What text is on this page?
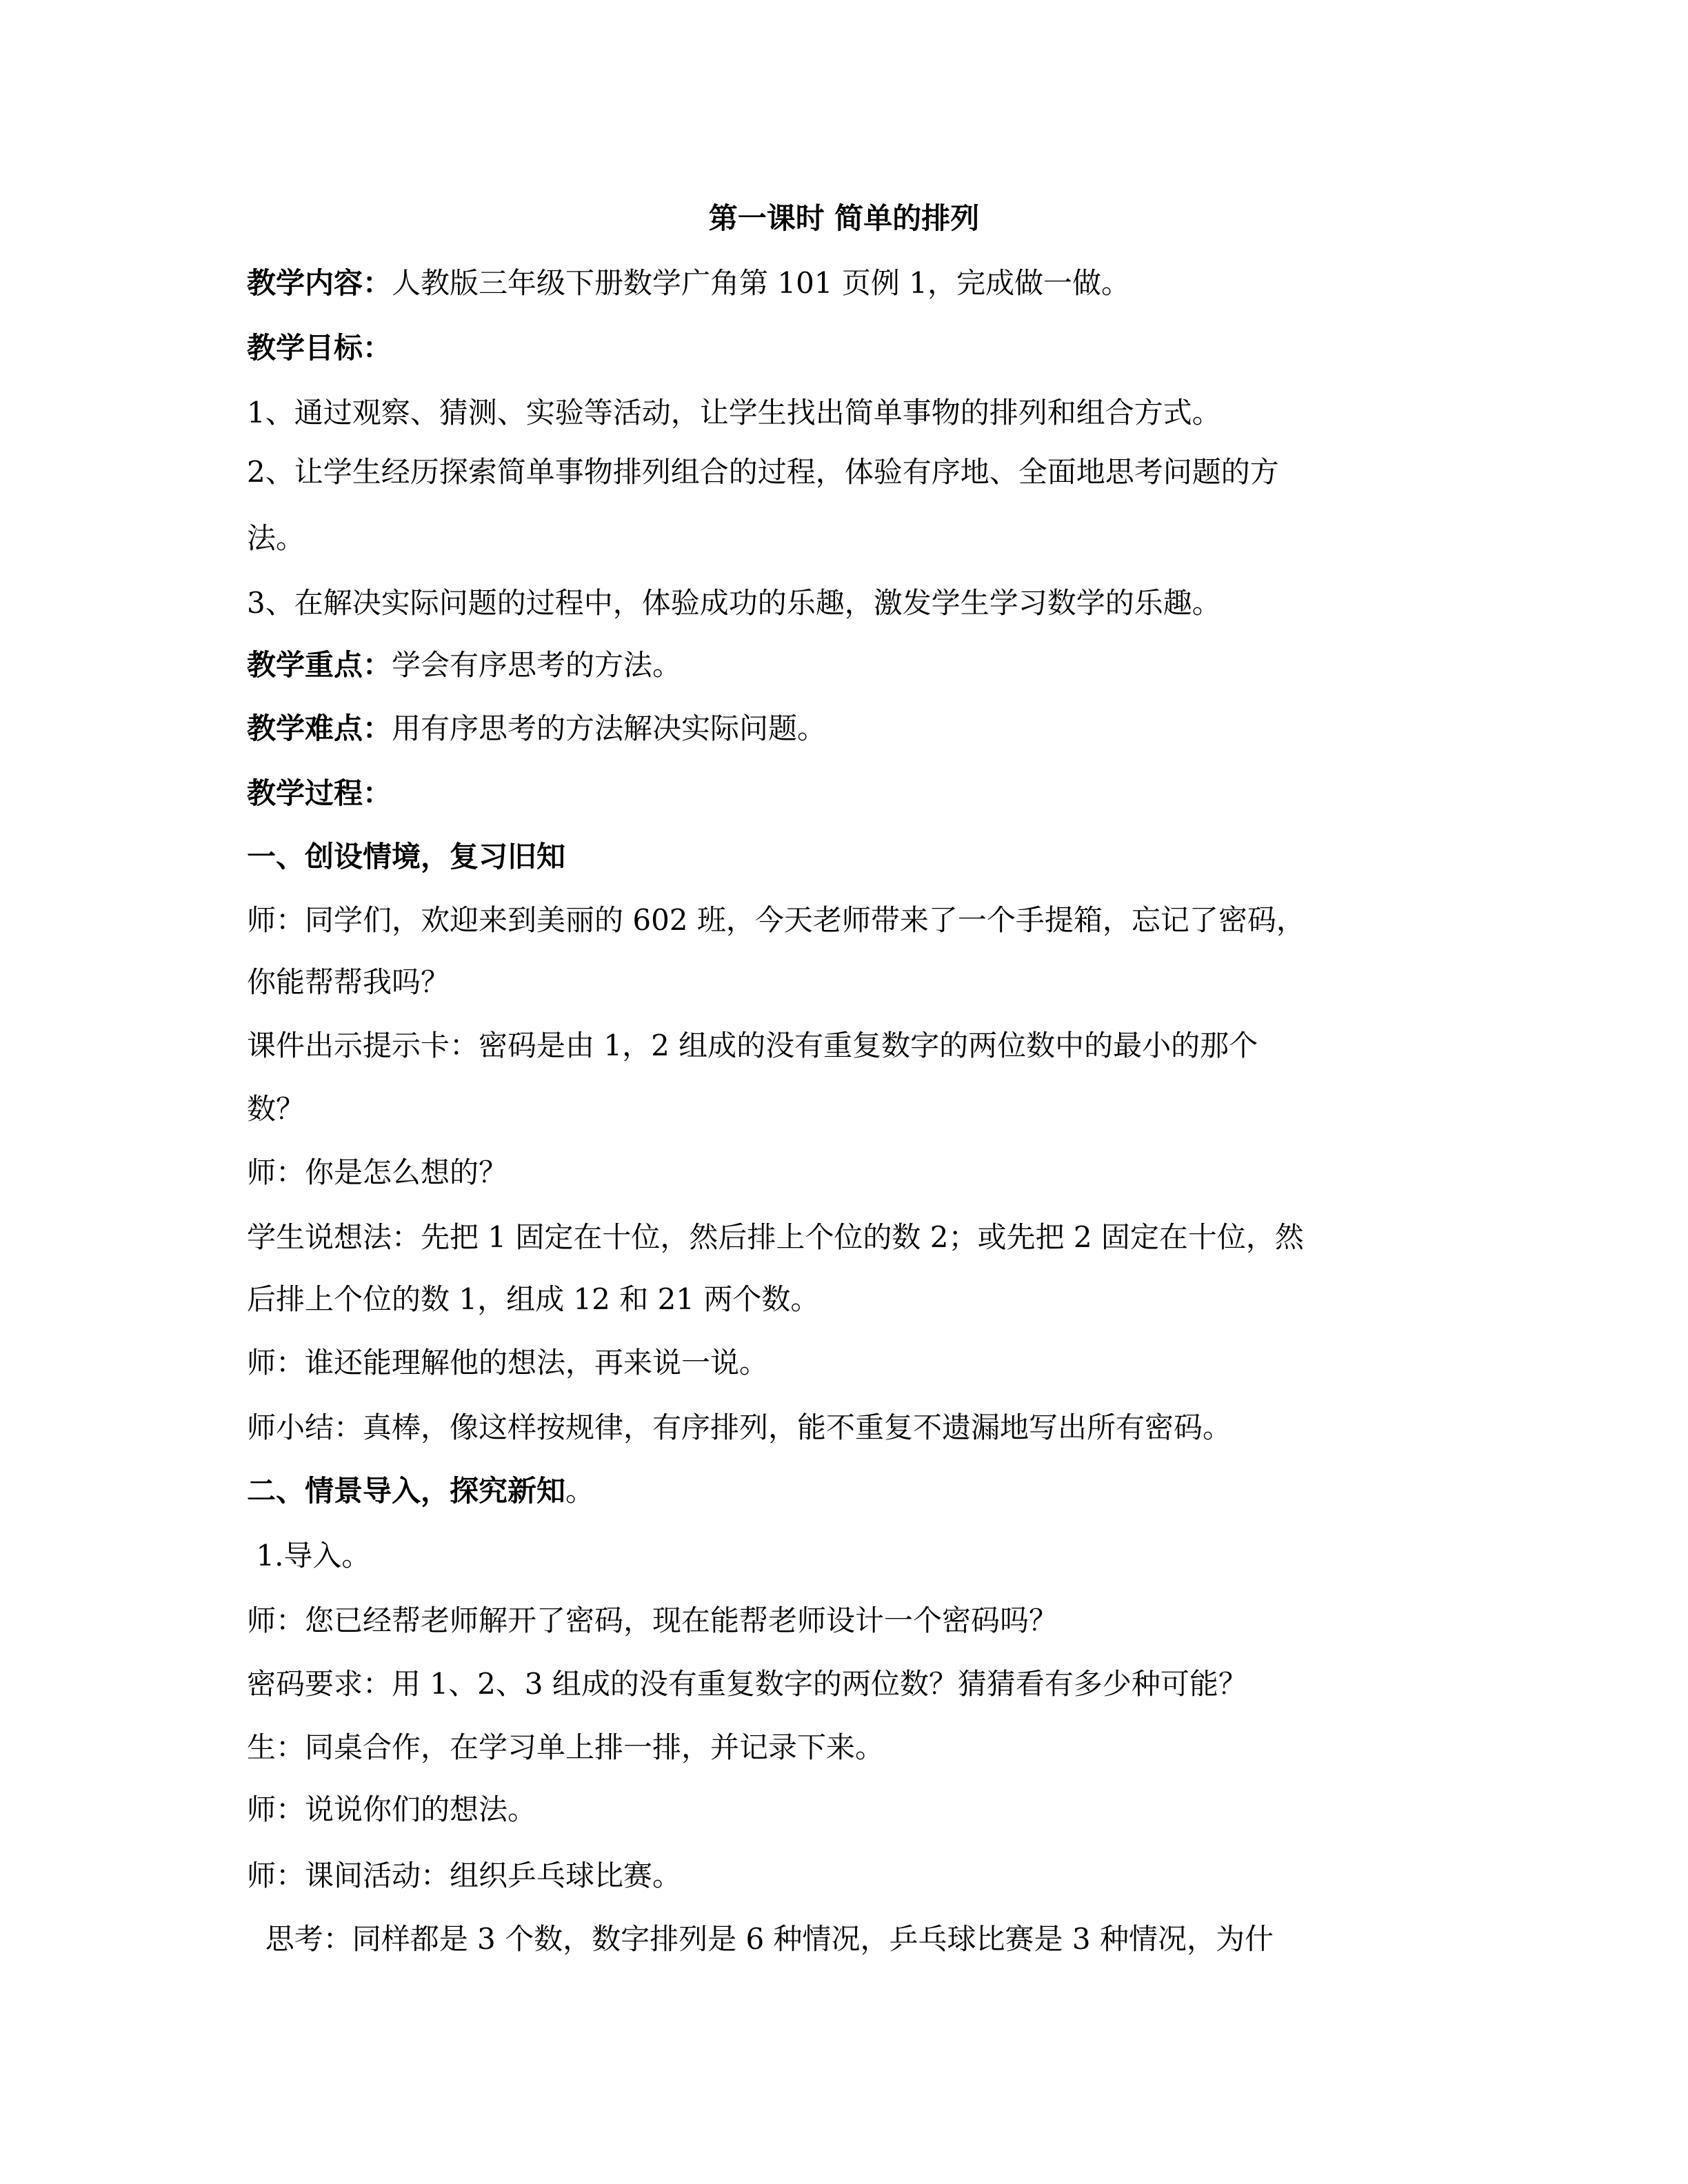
第一课时 简单的排列
教学内容：人教版三年级下册数学广角第 101 页例 1，完成做一做。
教学目标：
1、通过观察、猜测、实验等活动，让学生找出简单事物的排列和组合方式。
2、让学生经历探索简单事物排列组合的过程，体验有序地、全面地思考问题的方
法。
3、在解决实际问题的过程中，体验成功的乐趣，激发学生学习数学的乐趣。
教学重点：学会有序思考的方法。
教学难点：用有序思考的方法解决实际问题。
教学过程：
一、创设情境，复习旧知
师：同学们，欢迎来到美丽的 602 班，今天老师带来了一个手提箱，忘记了密码，
你能帮帮我吗？
课件出示提示卡：密码是由 1，2 组成的没有重复数字的两位数中的最小的那个
数？
师：你是怎么想的？
学生说想法：先把 1 固定在十位，然后排上个位的数 2；或先把 2 固定在十位，然
后排上个位的数 1，组成 12 和 21 两个数。
师：谁还能理解他的想法，再来说一说。
师小结：真棒，像这样按规律，有序排列，能不重复不遗漏地写出所有密码。
二、情景导入，探究新知。
1.导入。
师：您已经帮老师解开了密码，现在能帮老师设计一个密码吗？
密码要求：用 1、2、3 组成的没有重复数字的两位数？猜猜看有多少种可能？
生：同桌合作，在学习单上排一排，并记录下来。
师：说说你们的想法。
师：课间活动：组织乒乓球比赛。
思考：同样都是 3 个数，数字排列是 6 种情况，乒乓球比赛是 3 种情况，为什
